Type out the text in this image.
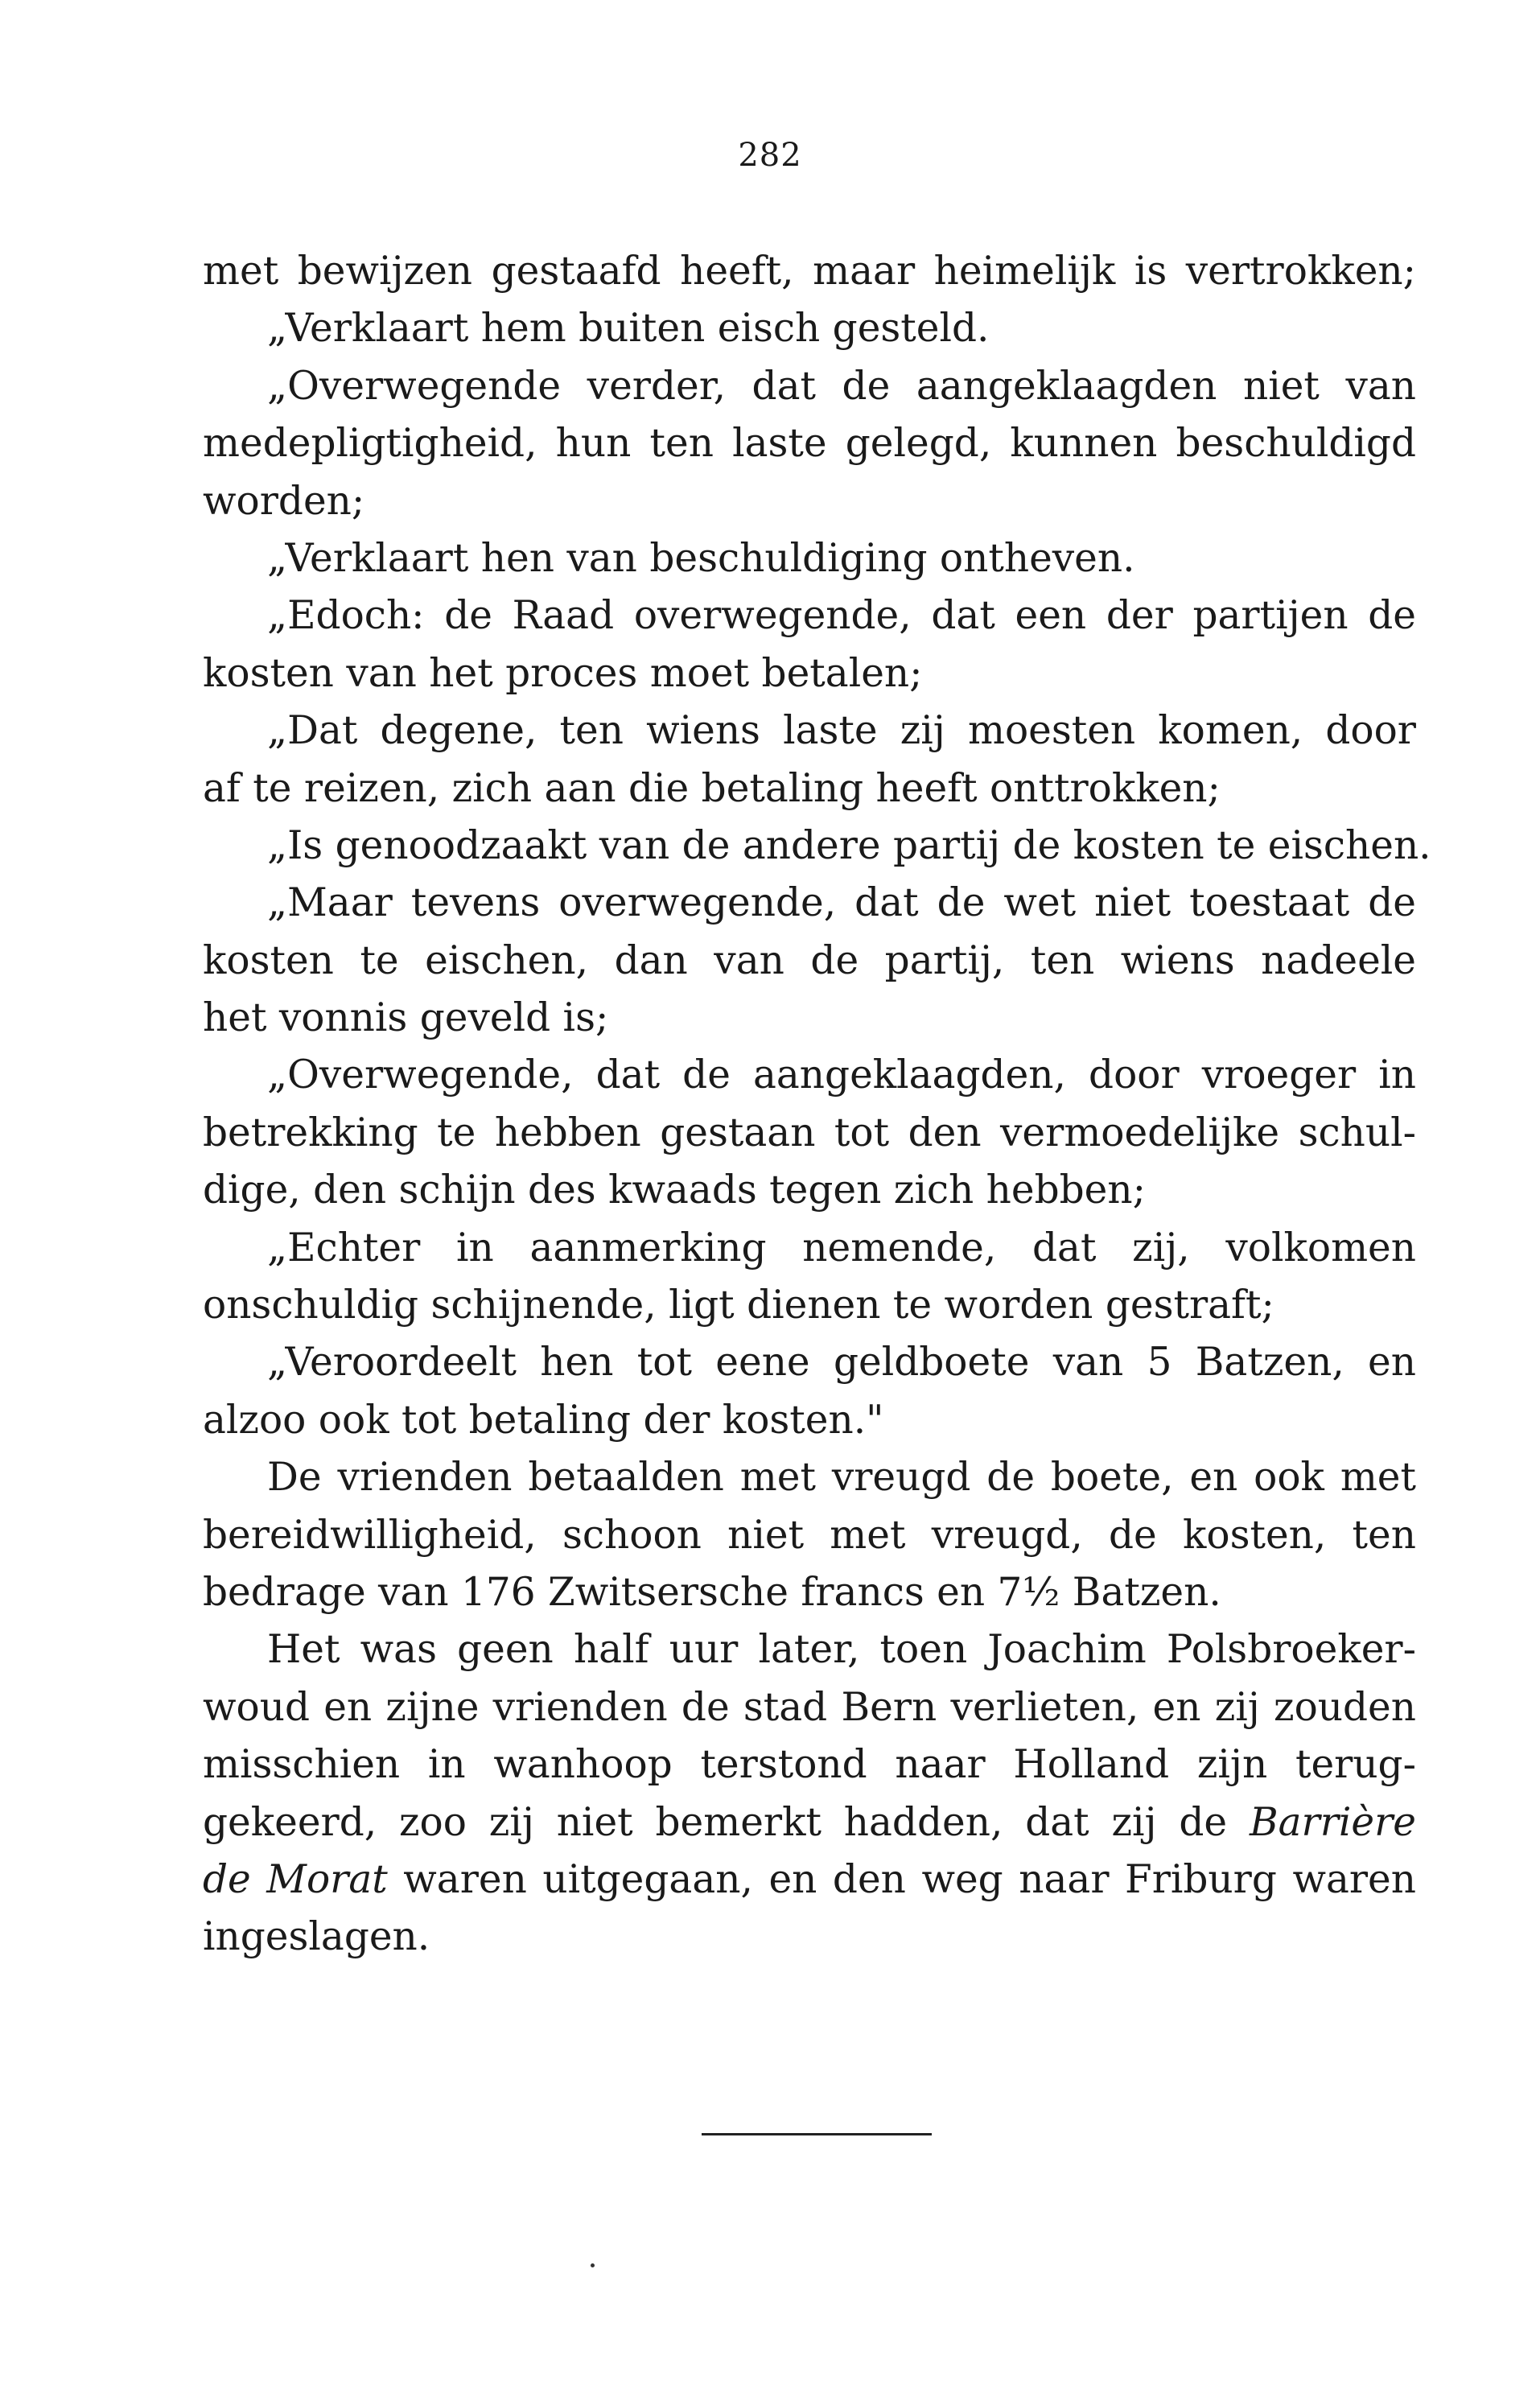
282
met bewijzen gestaafd heeft, maar heimelijk is vertrokken;
„Verklaart hem buiten eisch gesteld.
„Overwegende verder, dat de aangeklaagden niet van
medepligtigheid, hun ten laste gelegd, kunnen beschuldigd
worden;
„Verklaart hen van beschuldiging ontheven.
„Edoch: de Raad overwegende, dat een der partijen de
kosten van het proces moet betalen;
„Dat degene, ten wiens laste zij moesten komen, door
af te reizen, zich aan die betaling heeft onttrokken;
„Is genoodzaakt van de andere partij de kosten te eischen.
„Maar tevens overwegende, dat de wet niet toestaat de
kosten te eischen, dan van de partij, ten wiens nadeele
het vonnis geveld is;
„Overwegende, dat de aangeklaagden, door vroeger in
betrekking te hebben gestaan tot den vermoedelijke schul-
dige, den schijn des kwaads tegen zich hebben;
„Echter in aanmerking nemende, dat zij, volkomen
onschuldig schijnende, ligt dienen te worden gestraft;
„Veroordeelt hen tot eene geldboete van 5 Batzen, en
alzoo ook tot betaling der kosten."
De vrienden betaalden met vreugd de boete, en ook met
bereidwilligheid, schoon niet met vreugd, de kosten, ten
bedrage van 176 Zwitsersche francs en 7½ Batzen.
Het was geen half uur later, toen Joachim Polsbroeker-
woud en zijne vrienden de stad Bern verlieten, en zij zouden
misschien in wanhoop terstond naar Holland zijn terug-
gekeerd, zoo zij niet bemerkt hadden, dat zij de Barrière
de Morat waren uitgegaan, en den weg naar Friburg waren
ingeslagen.
